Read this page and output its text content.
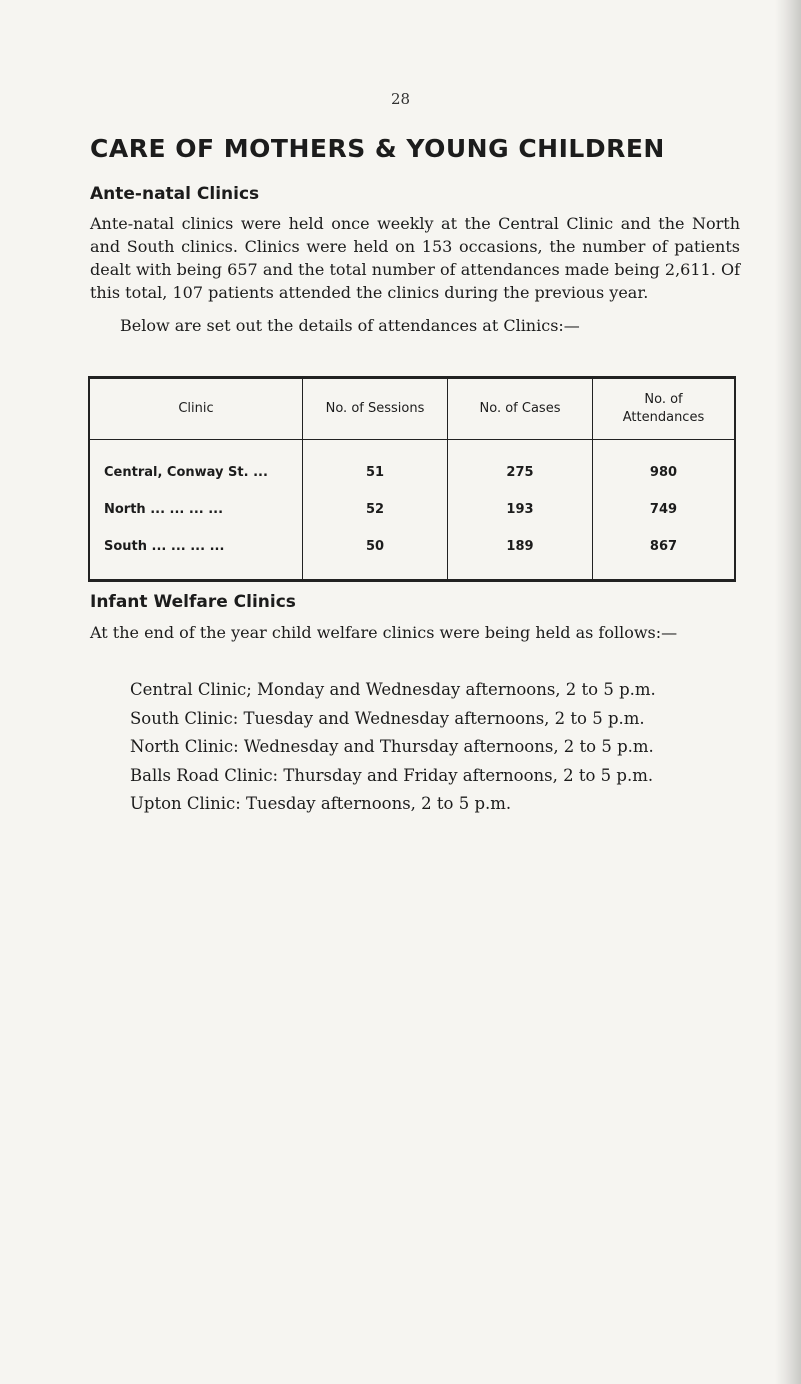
28
CARE OF MOTHERS & YOUNG CHILDREN
Ante-natal Clinics
Ante-natal clinics were held once weekly at the Central Clinic and the North and South clinics. Clinics were held on 153 occasions, the number of patients dealt with being 657 and the total number of attendances made being 2,611. Of this total, 107 patients attended the clinics during the previous year.
Below are set out the details of attendances at Clinics:—
Clinic	No. of Sessions	No. of Cases	No. of Attendances
Central, Conway St. ...	51	275	980
North ... ... ... ...	52	193	749
South ... ... ... ...	50	189	867
Infant Welfare Clinics
At the end of the year child welfare clinics were being held as follows:—
Central Clinic; Monday and Wednesday afternoons, 2 to 5 p.m.
South Clinic: Tuesday and Wednesday afternoons, 2 to 5 p.m.
North Clinic: Wednesday and Thursday afternoons, 2 to 5 p.m.
Balls Road Clinic: Thursday and Friday afternoons, 2 to 5 p.m.
Upton Clinic: Tuesday afternoons, 2 to 5 p.m.
